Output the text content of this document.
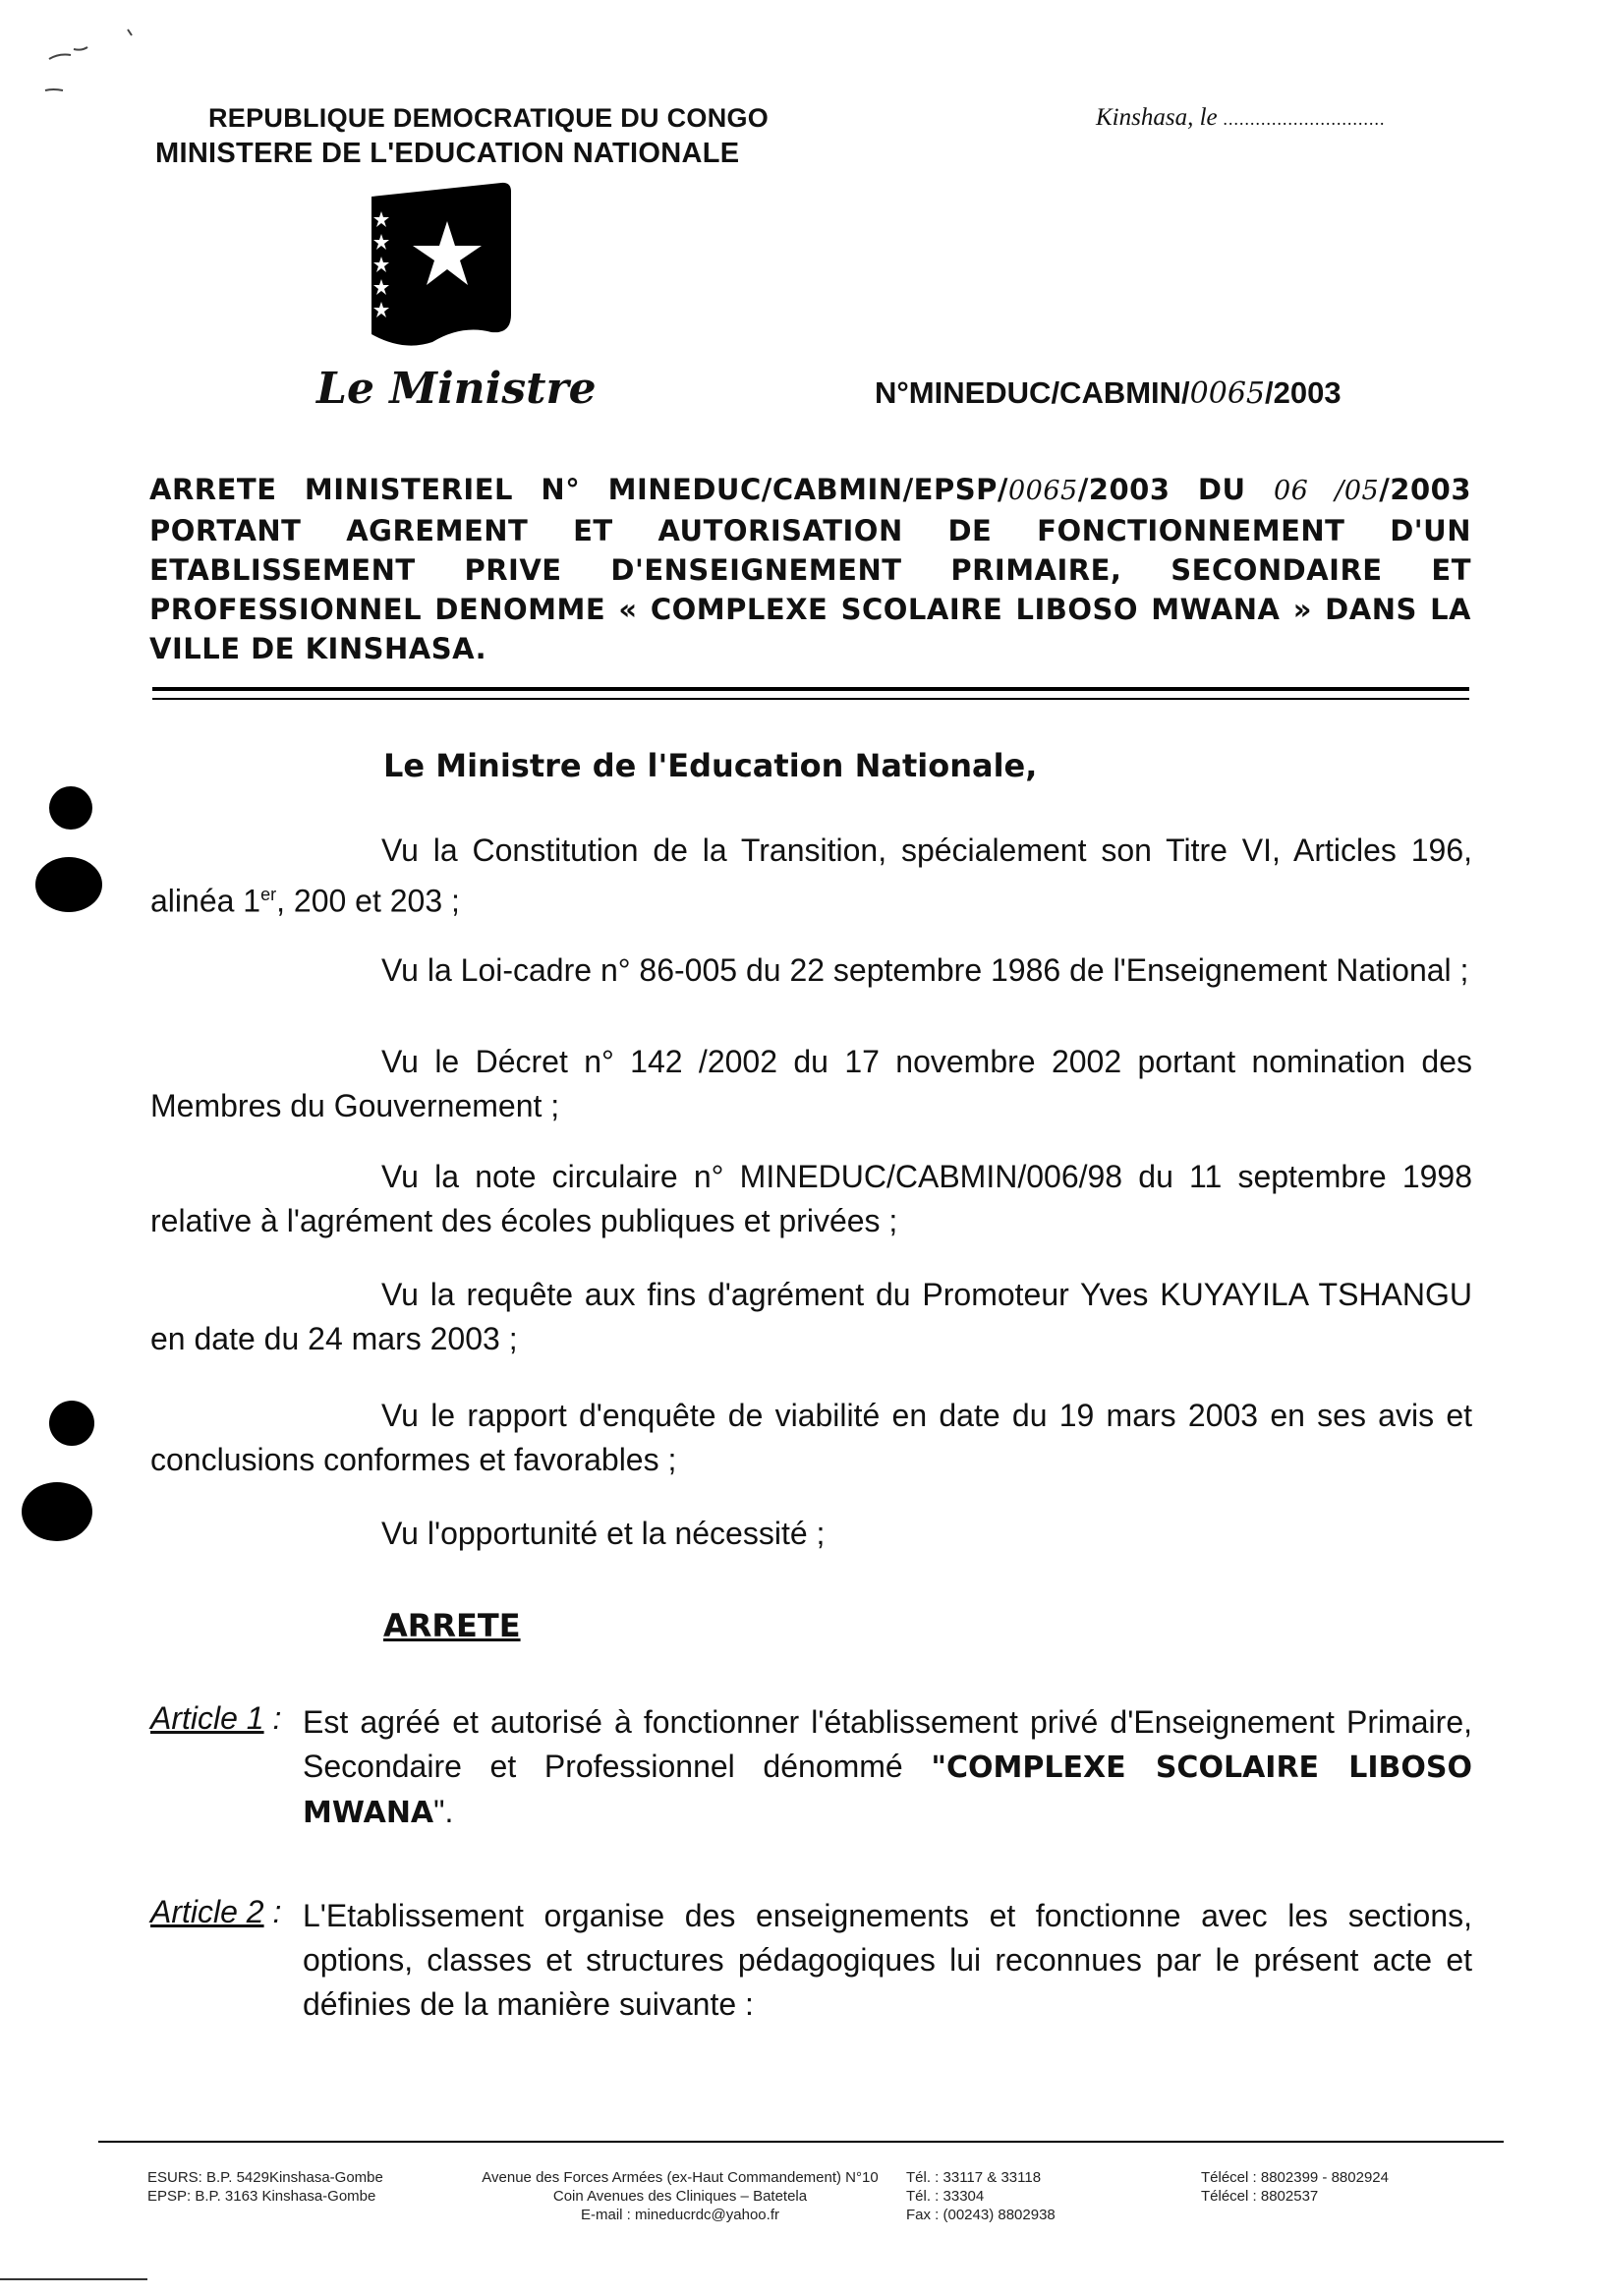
REPUBLIQUE DEMOCRATIQUE DU CONGO
MINISTERE DE L'EDUCATION NATIONALE
Kinshasa, le ..............................
Le Ministre	N°MINEDUC/CABMIN/0065/2003
ARRETE MINISTERIEL N° MINEDUC/CABMIN/EPSP/0065/2003 DU 06 /05/2003 PORTANT AGREMENT ET AUTORISATION DE FONCTIONNEMENT D'UN ETABLISSEMENT PRIVE D'ENSEIGNEMENT PRIMAIRE, SECONDAIRE ET PROFESSIONNEL DENOMME « COMPLEXE SCOLAIRE LIBOSO MWANA » DANS LA VILLE DE KINSHASA.
Le Ministre de l'Education Nationale,
Vu la Constitution de la Transition, spécialement son Titre VI, Articles 196, alinéa 1er, 200 et 203 ;
Vu la Loi-cadre n° 86-005 du 22 septembre 1986 de l'Enseignement National ;
Vu le Décret n° 142 /2002 du 17 novembre 2002 portant nomination des Membres du Gouvernement ;
Vu la note circulaire n° MINEDUC/CABMIN/006/98 du 11 septembre 1998 relative à l'agrément des écoles publiques et privées ;
Vu la requête aux fins d'agrément du Promoteur Yves KUYAYILA TSHANGU en date du 24 mars 2003 ;
Vu le rapport d'enquête de viabilité en date du 19 mars 2003 en ses avis et conclusions conformes et favorables ;
Vu l'opportunité et la nécessité ;
ARRETE
Article 1 : Est agréé et autorisé à fonctionner l'établissement privé d'Enseignement Primaire, Secondaire et Professionnel dénommé "COMPLEXE SCOLAIRE LIBOSO MWANA".
Article 2 : L'Etablissement organise des enseignements et fonctionne avec les sections, options, classes et structures pédagogiques lui reconnues par le présent acte et définies de la manière suivante :
ESURS: B.P. 5429Kinshasa-Gombe
EPSP: B.P. 3163 Kinshasa-Gombe
Avenue des Forces Armées (ex-Haut Commandement) N°10
Coin Avenues des Cliniques – Batetela
E-mail : mineducrdc@yahoo.fr
Tél. : 33117 & 33118
Tél. : 33304
Fax : (00243) 8802938
Télécel : 8802399 - 8802924
Télécel : 8802537
